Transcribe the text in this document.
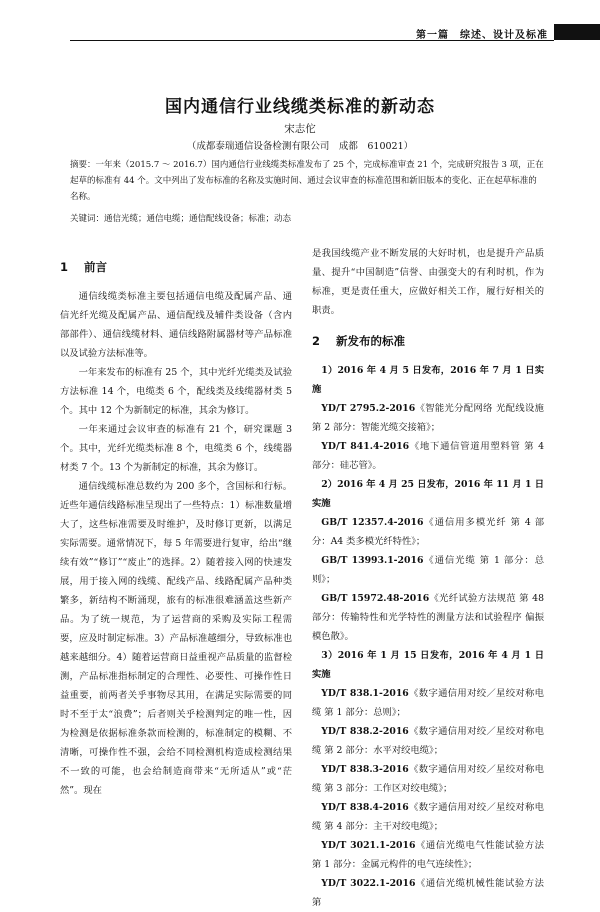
第一篇　综述、设计及标准
国内通信行业线缆类标准的新动态
宋志佗
（成都泰瑞通信设备检测有限公司　成都　610021）
摘要：一年来（2015.7 ～ 2016.7）国内通信行业线缆类标准发布了 25 个，完成标准审查 21 个，完成研究报告 3 项，正在起草的标准有 44 个。文中列出了发布标准的名称及实施时间、通过会议审查的标准范围和新旧版本的变化、正在起草标准的名称。
关键词：通信光缆；通信电缆；通信配线设备；标准；动态
1 前言

通信线缆类标准主要包括通信电缆及配属产品、通信光纤光缆及配属产品、通信配线及辅件类设备（含内部部件）、通信线缆材料、通信线路附属器材等产品标准以及试验方法标准等。

一年来发布的标准有 25 个，其中光纤光缆类及试验方法标准 14 个，电缆类 6 个，配线类及线缆器材类 5 个。其中 12 个为新制定的标准，其余为修订。

一年来通过会议审查的标准有 21 个，研究课题 3 个。其中，光纤光缆类标准 8 个，电缆类 6 个，线缆器材类 7 个。13 个为新制定的标准，其余为修订。

通信线缆标准总数约为 200 多个，含国标和行标。近些年通信线路标准呈现出了一些特点：1）标准数量增大了，这些标准需要及时维护，及时修订更新，以满足实际需要。通常情况下，每 5 年需要进行复审，给出“继续有效”“修订”“废止”的选择。2）随着接入网的快速发展，用于接入网的线缆、配线产品、线路配属产品种类繁多，新结构不断涌现，旅有的标准很难涵盖这些新产品。为了统一规范，为了运营商的采购及实际工程需要，应及时制定标准。3）产品标准越细分，导致标准也越来越细分。4）随着运营商日益重视产品质量的监督检测，产品标准指标制定的合理性、必要性、可操作性日益重要，前两者关乎事物尽其用，在满足实际需要的同时不至于太“浪费”；后者则关乎检测判定的唯一性，因为检测是依据标准条款而检测的，标准制定的模糊、不清晰，可操作性不强，会给不同检测机构造成检测结果不一致的可能，也会给制造商带来“无所适从”或“茫然”。现在

是我国线缆产业不断发展的大好时机，也是提升产品质量、提升“中国制造”信誉、由强变大的有利时机，作为标准，更是责任重大，应做好相关工作，履行好相关的职责。

2 新发布的标准

1）2016 年 4 月 5 日发布，2016 年 7 月 1 日实施

YD/T 2795.2-2016《智能光分配网络 光配线设施第 2 部分：智能光缆交接箱》；

YD/T 841.4-2016《地下通信管道用塑料管 第 4 部分：硅芯管》。

2）2016 年 4 月 25 日发布，2016 年 11 月 1 日实施

GB/T 12357.4-2016《通信用多模光纤 第 4 部分：A4 类多模光纤特性》；

GB/T 13993.1-2016《通信光缆 第 1 部分：总则》；

GB/T 15972.48-2016《光纤试验方法规范 第 48 部分：传输特性和光学特性的测量方法和试验程序 偏振模色散》。

3）2016 年 1 月 15 日发布，2016 年 4 月 1 日实施

YD/T 838.1-2016《数字通信用对绞／星绞对称电缆 第 1 部分：总则》；

YD/T 838.2-2016《数字通信用对绞／星绞对称电缆 第 2 部分：水平对绞电缆》；

YD/T 838.3-2016《数字通信用对绞／星绞对称电缆 第 3 部分：工作区对绞电缆》；

YD/T 838.4-2016《数字通信用对绞／星绞对称电缆 第 4 部分：主干对绞电缆》；

YD/T 3021.1-2016《通信光缆电气性能试验方法 第 1 部分：金属元构件的电气连续性》；

YD/T 3022.1-2016《通信光缆机械性能试验方法 第
